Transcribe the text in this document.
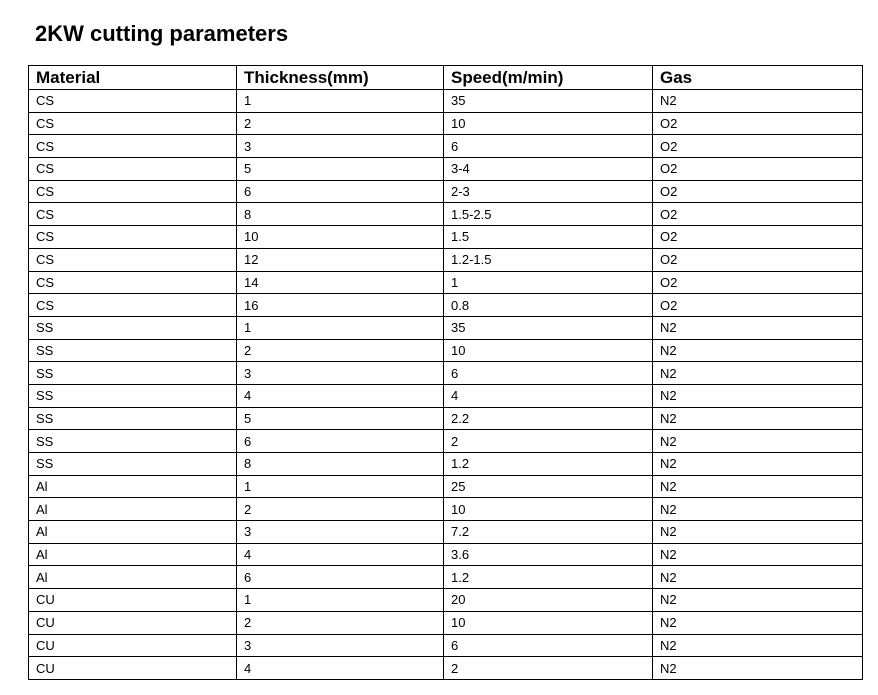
2KW cutting parameters
Material	Thickness(mm)	Speed(m/min)	Gas
CS	1	35	N2
CS	2	10	O2
CS	3	6	O2
CS	5	3-4	O2
CS	6	2-3	O2
CS	8	1.5-2.5	O2
CS	10	1.5	O2
CS	12	1.2-1.5	O2
CS	14	1	O2
CS	16	0.8	O2
SS	1	35	N2
SS	2	10	N2
SS	3	6	N2
SS	4	4	N2
SS	5	2.2	N2
SS	6	2	N2
SS	8	1.2	N2
Al	1	25	N2
Al	2	10	N2
Al	3	7.2	N2
Al	4	3.6	N2
Al	6	1.2	N2
CU	1	20	N2
CU	2	10	N2
CU	3	6	N2
CU	4	2	N2
